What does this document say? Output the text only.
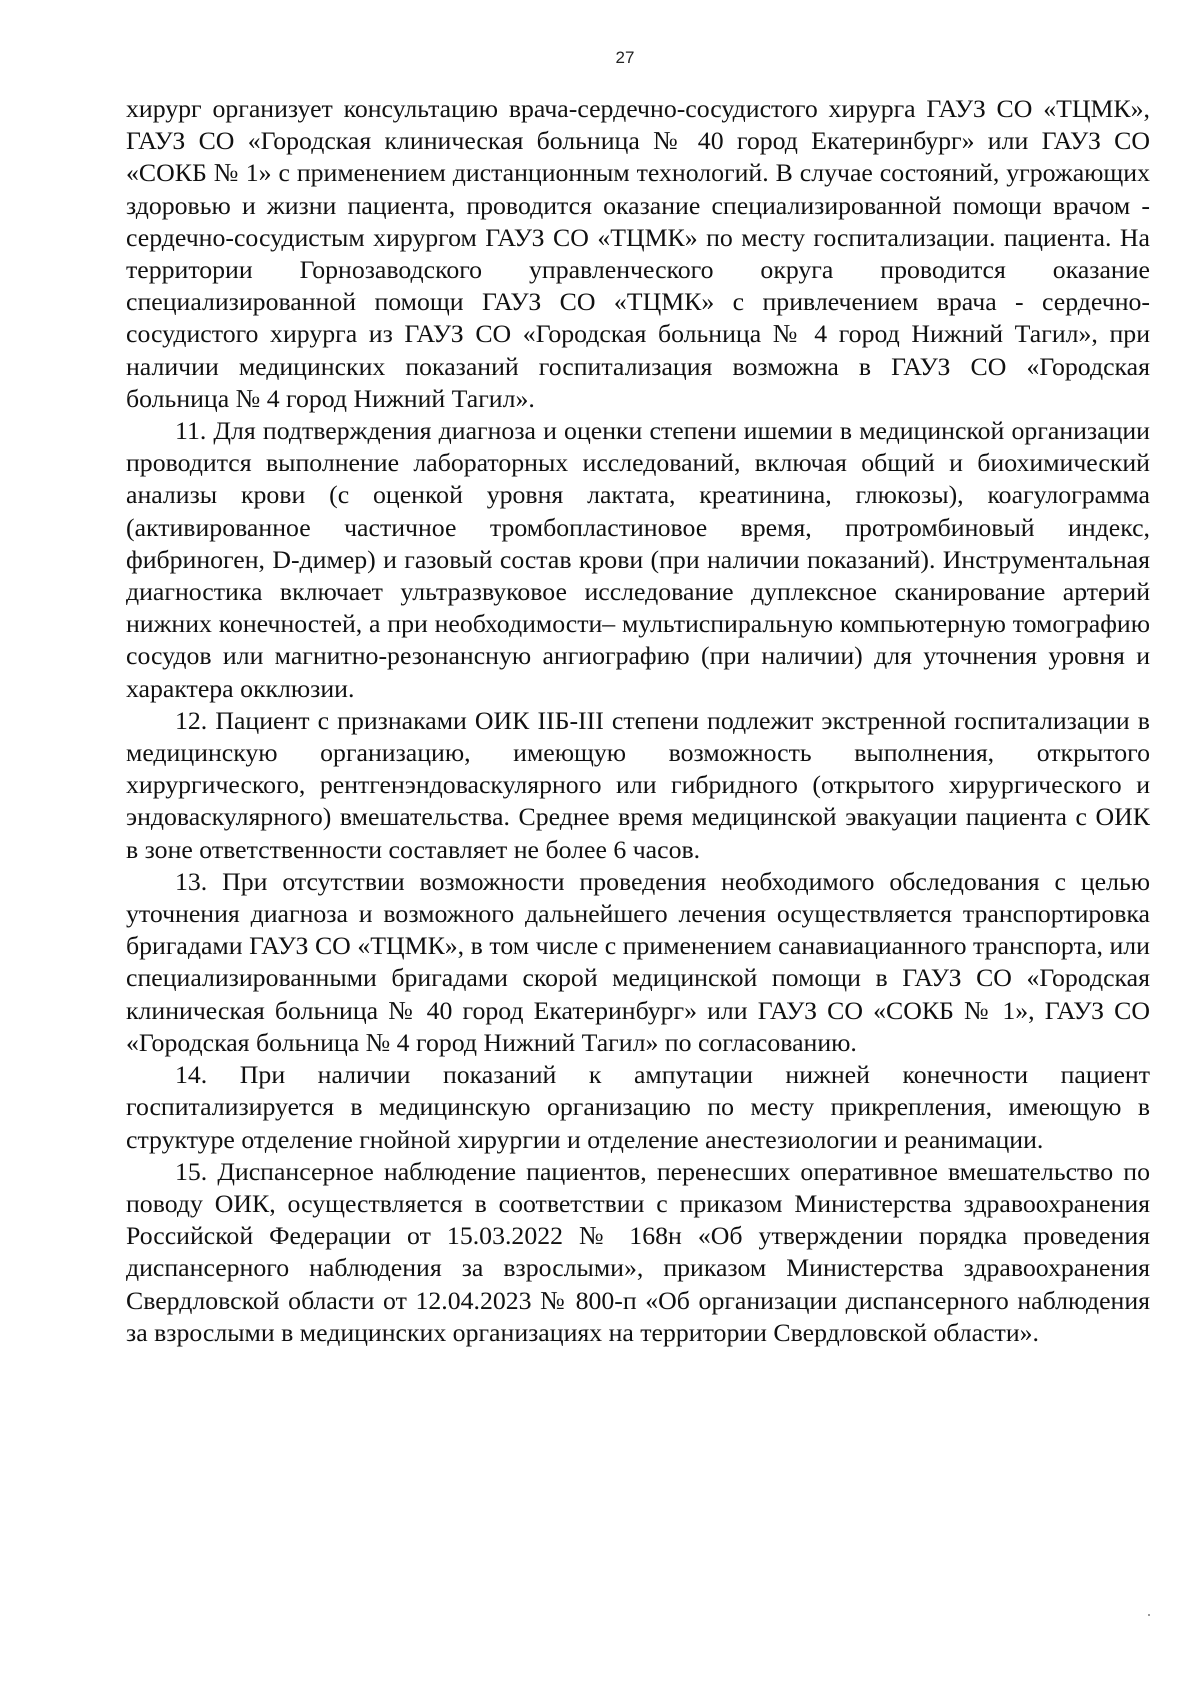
27

хирург организует консультацию врача-сердечно-сосудистого хирурга ГАУЗ СО «ТЦМК», ГАУЗ СО «Городская клиническая больница № 40 город Екатеринбург» или ГАУЗ СО «СОКБ № 1» с применением дистанционным технологий. В случае состояний, угрожающих здоровью и жизни пациента, проводится оказание специализированной помощи врачом - сердечно-сосудистым хирургом ГАУЗ СО «ТЦМК» по месту госпитализации. пациента. На территории Горнозаводского управленческого округа проводится оказание специализированной помощи ГАУЗ СО «ТЦМК» с привлечением врача - сердечно-сосудистого хирурга из ГАУЗ СО «Городская больница № 4 город Нижний Тагил», при наличии медицинских показаний госпитализация возможна в ГАУЗ СО «Городская больница № 4 город Нижний Тагил».

11. Для подтверждения диагноза и оценки степени ишемии в медицинской организации проводится выполнение лабораторных исследований, включая общий и биохимический анализы крови (с оценкой уровня лактата, креатинина, глюкозы), коагулограмма (активированное частичное тромбопластиновое время, протромбиновый индекс, фибриноген, D-димер) и газовый состав крови (при наличии показаний). Инструментальная диагностика включает ультразвуковое исследование дуплексное сканирование артерий нижних конечностей, а при необходимости– мультиспиральную компьютерную томографию сосудов или магнитно-резонансную ангиографию (при наличии) для уточнения уровня и характера окклюзии.

12. Пациент с признаками ОИК IIБ-III степени подлежит экстренной госпитализации в медицинскую организацию, имеющую возможность выполнения, открытого хирургического, рентгенэндоваскулярного или гибридного (открытого хирургического и эндоваскулярного) вмешательства. Среднее время медицинской эвакуации пациента с ОИК в зоне ответственности составляет не более 6 часов.

13. При отсутствии возможности проведения необходимого обследования с целью уточнения диагноза и возможного дальнейшего лечения осуществляется транспортировка бригадами ГАУЗ СО «ТЦМК», в том числе с применением санавиацианного транспорта, или специализированными бригадами скорой медицинской помощи в ГАУЗ СО «Городская клиническая больница № 40 город Екатеринбург» или ГАУЗ СО «СОКБ № 1», ГАУЗ СО «Городская больница № 4 город Нижний Тагил» по согласованию.

14. При наличии показаний к ампутации нижней конечности пациент госпитализируется в медицинскую организацию по месту прикрепления, имеющую в структуре отделение гнойной хирургии и отделение анестезиологии и реанимации.

15. Диспансерное наблюдение пациентов, перенесших оперативное вмешательство по поводу ОИК, осуществляется в соответствии с приказом Министерства здравоохранения Российской Федерации от 15.03.2022 № 168н «Об утверждении порядка проведения диспансерного наблюдения за взрослыми», приказом Министерства здравоохранения Свердловской области от 12.04.2023 № 800-п «Об организации диспансерного наблюдения за взрослыми в медицинских организациях на территории Свердловской области».
